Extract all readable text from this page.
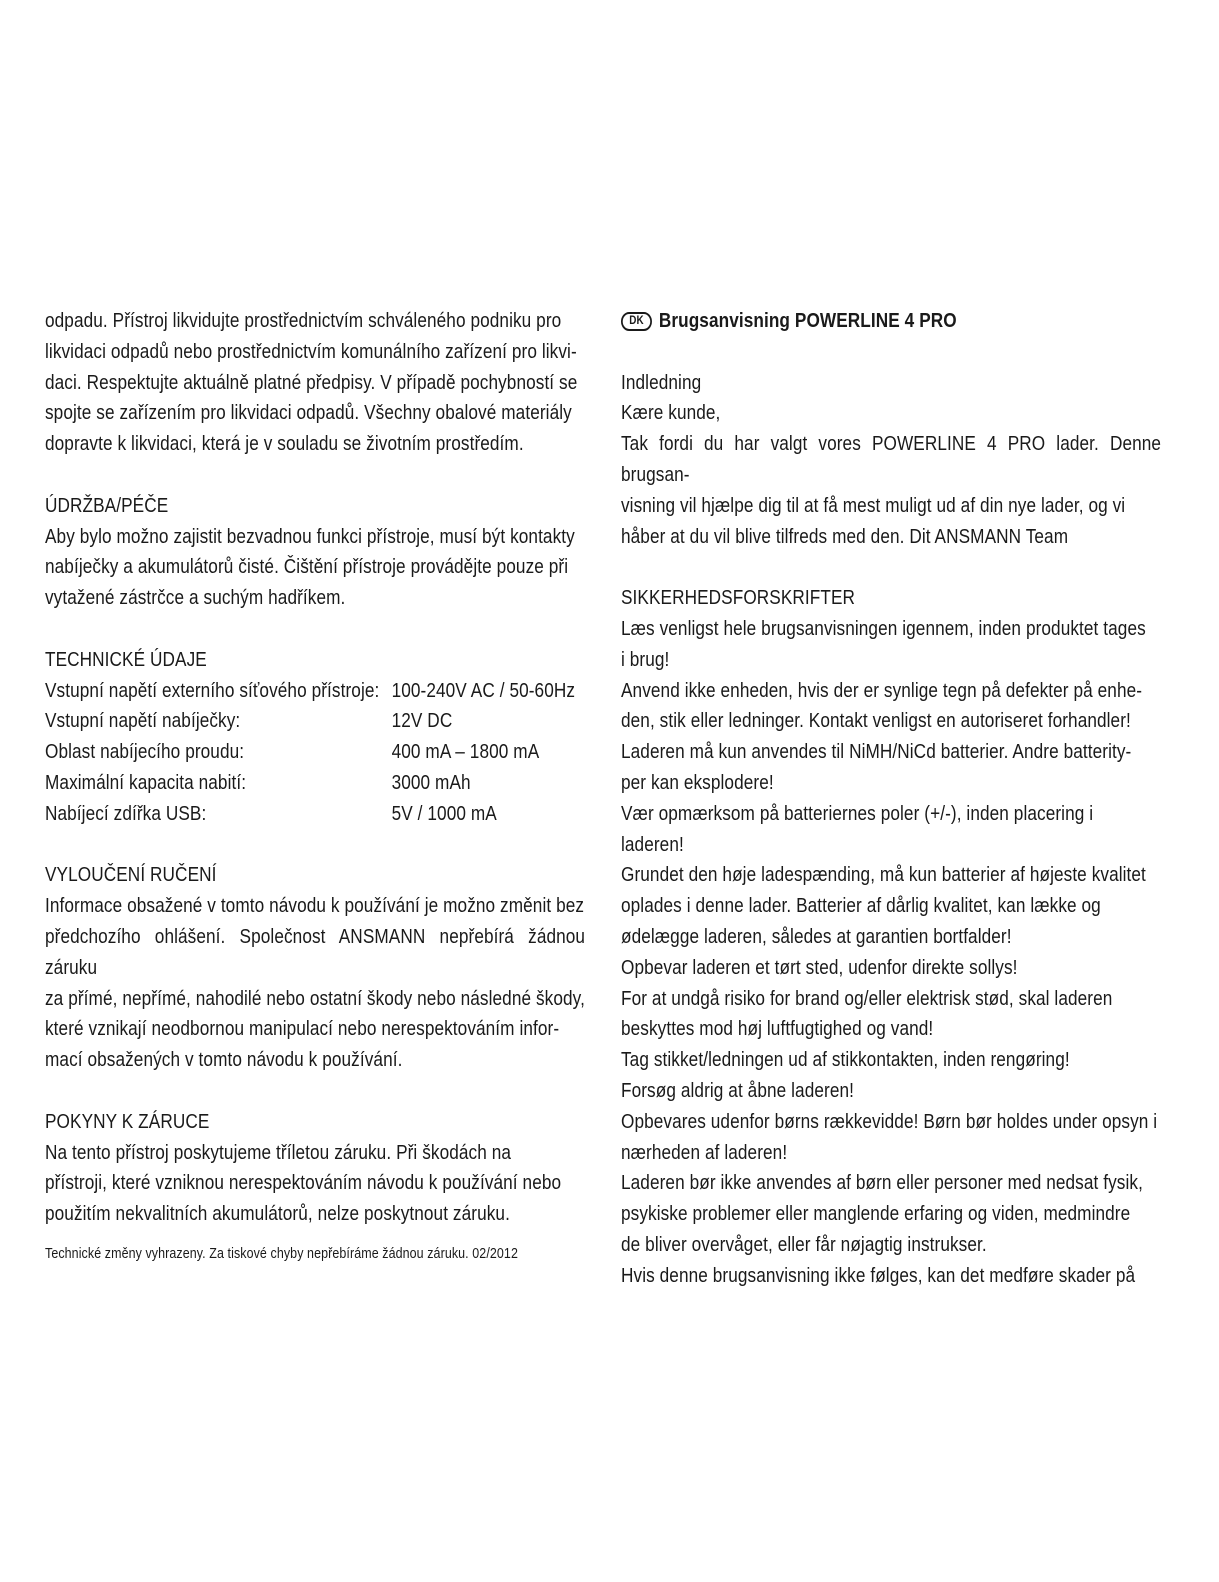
odpadu. Přístroj likvidujte prostřednictvím schváleného podniku pro

likvidaci odpadů nebo prostřednictvím komunálního zařízení pro likvi-

daci. Respektujte aktuálně platné předpisy. V případě pochybností se

spojte se zařízením pro likvidaci odpadů. Všechny obalové materiály

dopravte k likvidaci, která je v souladu se životním prostředím.

ÚDRŽBA/PÉČE

Aby bylo možno zajistit bezvadnou funkci přístroje, musí být kontakty

nabíječky a akumulátorů čisté. Čištění přístroje provádějte pouze při

vytažené zástrčce a suchým hadříkem.

TECHNICKÉ ÚDAJE
Vstupní napětí externího síťového přístroje:	100-240V AC / 50-60Hz
Vstupní napětí nabíječky:	12V DC
Oblast nabíjecího proudu:	400 mA – 1800 mA
Maximální kapacita nabití:	3000 mAh
Nabíjecí zdířka USB:	5V / 1000 mA
VYLOUČENÍ RUČENÍ

Informace obsažené v tomto návodu k používání je možno změnit bez

předchozího ohlášení. Společnost ANSMANN nepřebírá žádnou záruku

za přímé, nepřímé, nahodilé nebo ostatní škody nebo následné škody,

které vznikají neodbornou manipulací nebo nerespektováním infor-

mací obsažených v tomto návodu k používání.

POKYNY K ZÁRUCE

Na tento přístroj poskytujeme tříletou záruku. Při škodách na

přístroji, které vzniknou nerespektováním návodu k používání nebo

použitím nekvalitních akumulátorů, nelze poskytnout záruku.

Technické změny vyhrazeny. Za tiskové chyby nepřebíráme žádnou záruku. 02/2012

DK Brugsanvisning POWERLINE 4 PRO

Indledning

Kære kunde,

Tak fordi du har valgt vores POWERLINE 4 PRO lader. Denne brugsan-

visning vil hjælpe dig til at få mest muligt ud af din nye lader, og vi

håber at du vil blive tilfreds med den. Dit ANSMANN Team

SIKKERHEDSFORSKRIFTER

Læs venligst hele brugsanvisningen igennem, inden produktet tages

i brug!

Anvend ikke enheden, hvis der er synlige tegn på defekter på enhe-

den, stik eller ledninger. Kontakt venligst en autoriseret forhandler!

Laderen må kun anvendes til NiMH/NiCd batterier. Andre batterity-

per kan eksplodere!

Vær opmærksom på batteriernes poler (+/-), inden placering i

laderen!

Grundet den høje ladespænding, må kun batterier af højeste kvalitet

oplades i denne lader. Batterier af dårlig kvalitet, kan lække og

ødelægge laderen, således at garantien bortfalder!

Opbevar laderen et tørt sted, udenfor direkte sollys!

For at undgå risiko for brand og/eller elektrisk stød, skal laderen

beskyttes mod høj luftfugtighed og vand!

Tag stikket/ledningen ud af stikkontakten, inden rengøring!

Forsøg aldrig at åbne laderen!

Opbevares udenfor børns rækkevidde! Børn bør holdes under opsyn i

nærheden af laderen!

Laderen bør ikke anvendes af børn eller personer med nedsat fysik,

psykiske problemer eller manglende erfaring og viden, medmindre

de bliver overvåget, eller får nøjagtig instrukser.

Hvis denne brugsanvisning ikke følges, kan det medføre skader på
